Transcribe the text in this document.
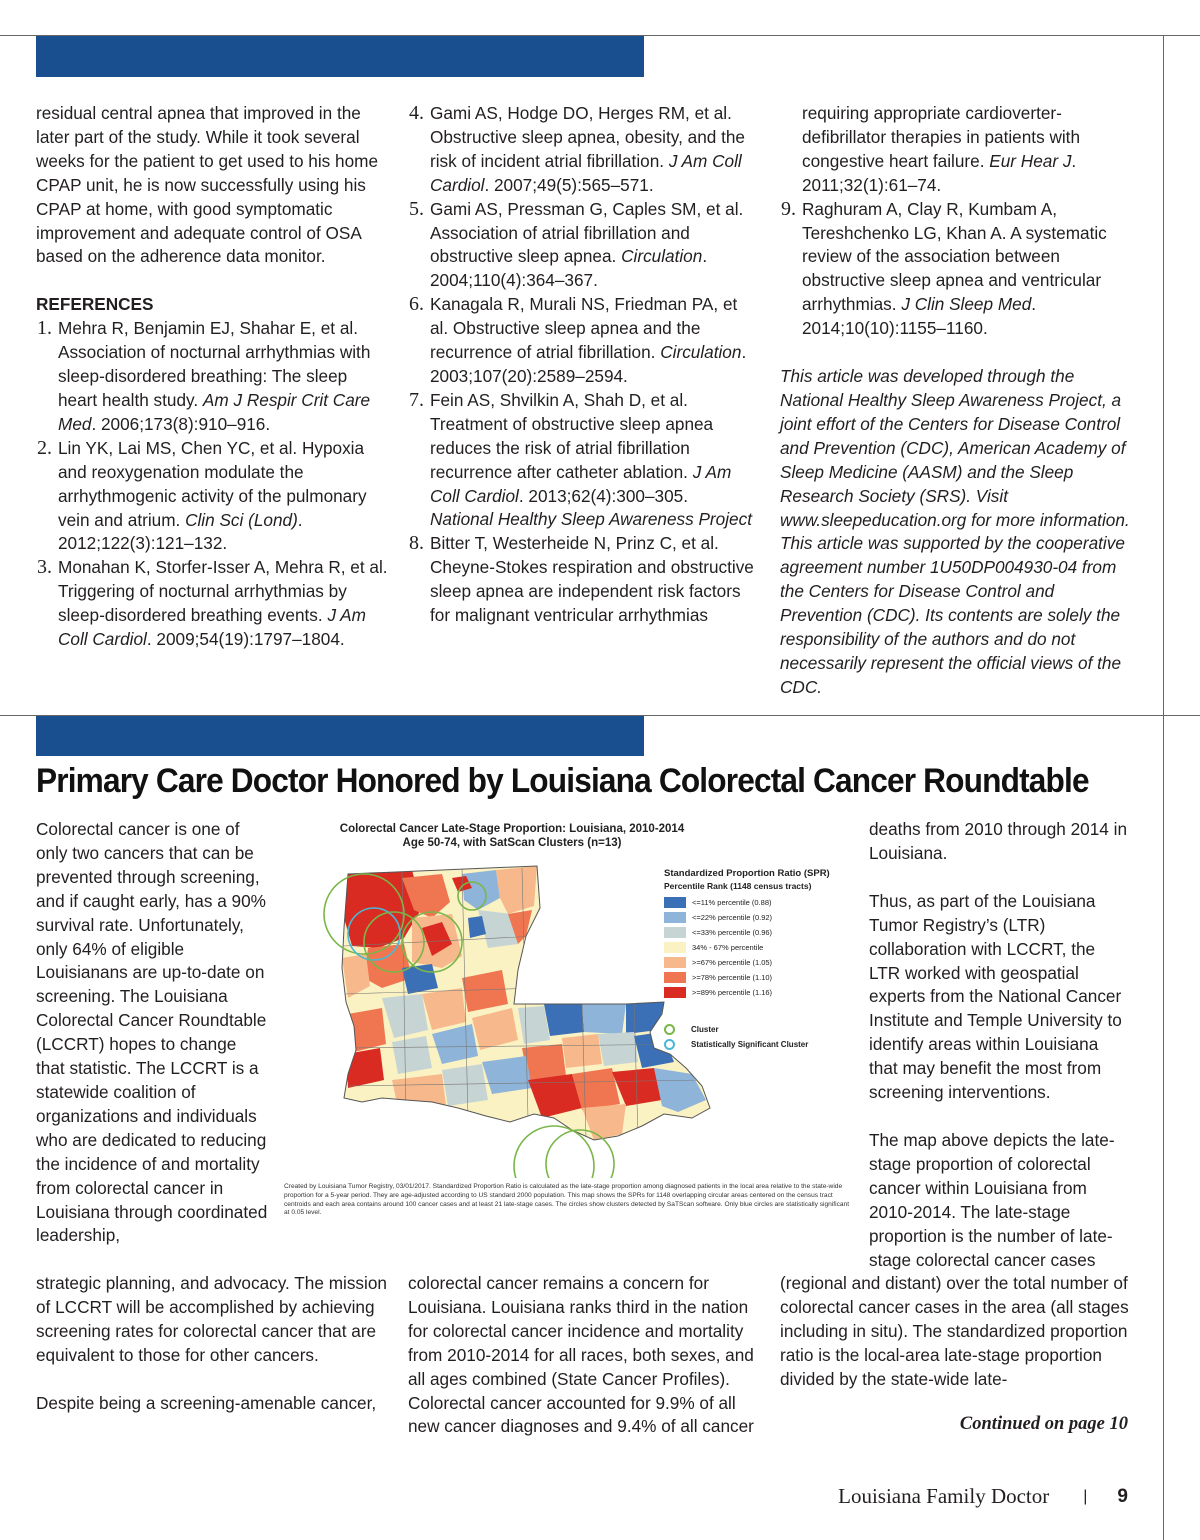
residual central apnea that improved in the later part of the study. While it took several weeks for the patient to get used to his home CPAP unit, he is now successfully using his CPAP at home, with good symptomatic improvement and adequate control of OSA based on the adherence data monitor.

REFERENCES

1. Mehra R, Benjamin EJ, Shahar E, et al. Association of nocturnal arrhythmias with sleep-disordered breathing: The sleep heart health study. Am J Respir Crit Care Med. 2006;173(8):910–916.
2. Lin YK, Lai MS, Chen YC, et al. Hypoxia and reoxygenation modulate the arrhythmogenic activity of the pulmonary vein and atrium. Clin Sci (Lond). 2012;122(3):121–132.
3. Monahan K, Storfer-Isser A, Mehra R, et al. Triggering of nocturnal arrhythmias by sleep-disordered breathing events. J Am Coll Cardiol. 2009;54(19):1797–1804.
4. Gami AS, Hodge DO, Herges RM, et al. Obstructive sleep apnea, obesity, and the risk of incident atrial fibrillation. J Am Coll Cardiol. 2007;49(5):565–571.
5. Gami AS, Pressman G, Caples SM, et al. Association of atrial fibrillation and obstructive sleep apnea. Circulation. 2004;110(4):364–367.
6. Kanagala R, Murali NS, Friedman PA, et al. Obstructive sleep apnea and the recurrence of atrial fibrillation. Circulation. 2003;107(20):2589–2594.
7. Fein AS, Shvilkin A, Shah D, et al. Treatment of obstructive sleep apnea reduces the risk of atrial fibrillation recurrence after catheter ablation. J Am Coll Cardiol. 2013;62(4):300–305.
National Healthy Sleep Awareness Project
8. Bitter T, Westerheide N, Prinz C, et al. Cheyne-Stokes respiration and obstructive sleep apnea are independent risk factors for malignant ventricular arrhythmias
requiring appropriate cardioverter-defibrillator therapies in patients with congestive heart failure. Eur Hear J. 2011;32(1):61–74.
9. Raghuram A, Clay R, Kumbam A, Tereshchenko LG, Khan A. A systematic review of the association between obstructive sleep apnea and ventricular arrhythmias. J Clin Sleep Med. 2014;10(10):1155–1160.

This article was developed through the National Healthy Sleep Awareness Project, a joint effort of the Centers for Disease Control and Prevention (CDC), American Academy of Sleep Medicine (AASM) and the Sleep Research Society (SRS). Visit www.sleepeducation.org for more information. This article was supported by the cooperative agreement number 1U50DP004930-04 from the Centers for Disease Control and Prevention (CDC). Its contents are solely the responsibility of the authors and do not necessarily represent the official views of the CDC.

Primary Care Doctor Honored by Louisiana Colorectal Cancer Roundtable

Colorectal cancer is one of only two cancers that can be prevented through screening, and if caught early, has a 90% survival rate. Unfortunately, only 64% of eligible Louisianans are up-to-date on screening. The Louisiana Colorectal Cancer Roundtable (LCCRT) hopes to change that statistic. The LCCRT is a statewide coalition of organizations and individuals who are dedicated to reducing the incidence of and mortality from colorectal cancer in Louisiana through coordinated leadership,

Colorectal Cancer Late-Stage Proportion: Louisiana, 2010-2014
Age 50-74, with SatScan Clusters (n=13)
Standardized Proportion Ratio (SPR)
Percentile Rank (1148 census tracts)
<=11% percentile (0.88)
<=22% percentile (0.92)
<=33% percentile (0.96)
34% - 67% percentile
>=67% percentile (1.05)
>=78% percentile (1.10)
>=89% percentile (1.16)
Cluster
Statistically Significant Cluster
Created by Louisiana Tumor Registry, 03/01/2017. Standardized Proportion Ratio is calculated as the late-stage proportion among diagnosed patients in the local area relative to the state-wide proportion for a 5-year period. They are age-adjusted according to US standard 2000 population. This map shows the SPRs for 1148 overlapping circular areas centered on the census tract centroids and each area contains around 100 cancer cases and at least 21 late-stage cases. The circles show clusters detected by SaTScan software. Only blue circles are statistically significant at 0.05 level.

deaths from 2010 through 2014 in Louisiana.

Thus, as part of the Louisiana Tumor Registry’s (LTR) collaboration with LCCRT, the LTR worked with geospatial experts from the National Cancer Institute and Temple University to identify areas within Louisiana that may benefit the most from screening interventions.

The map above depicts the late-stage proportion of colorectal cancer within Louisiana from 2010-2014. The late-stage proportion is the number of late-stage colorectal cancer cases

strategic planning, and advocacy. The mission of LCCRT will be accomplished by achieving screening rates for colorectal cancer that are equivalent to those for other cancers.

Despite being a screening-amenable cancer,

colorectal cancer remains a concern for Louisiana. Louisiana ranks third in the nation for colorectal cancer incidence and mortality from 2010-2014 for all races, both sexes, and all ages combined (State Cancer Profiles). Colorectal cancer accounted for 9.9% of all new cancer diagnoses and 9.4% of all cancer

(regional and distant) over the total number of colorectal cancer cases in the area (all stages including in situ). The standardized proportion ratio is the local-area late-stage proportion divided by the state-wide late-

Continued on page 10
Louisiana Family Doctor | 9
